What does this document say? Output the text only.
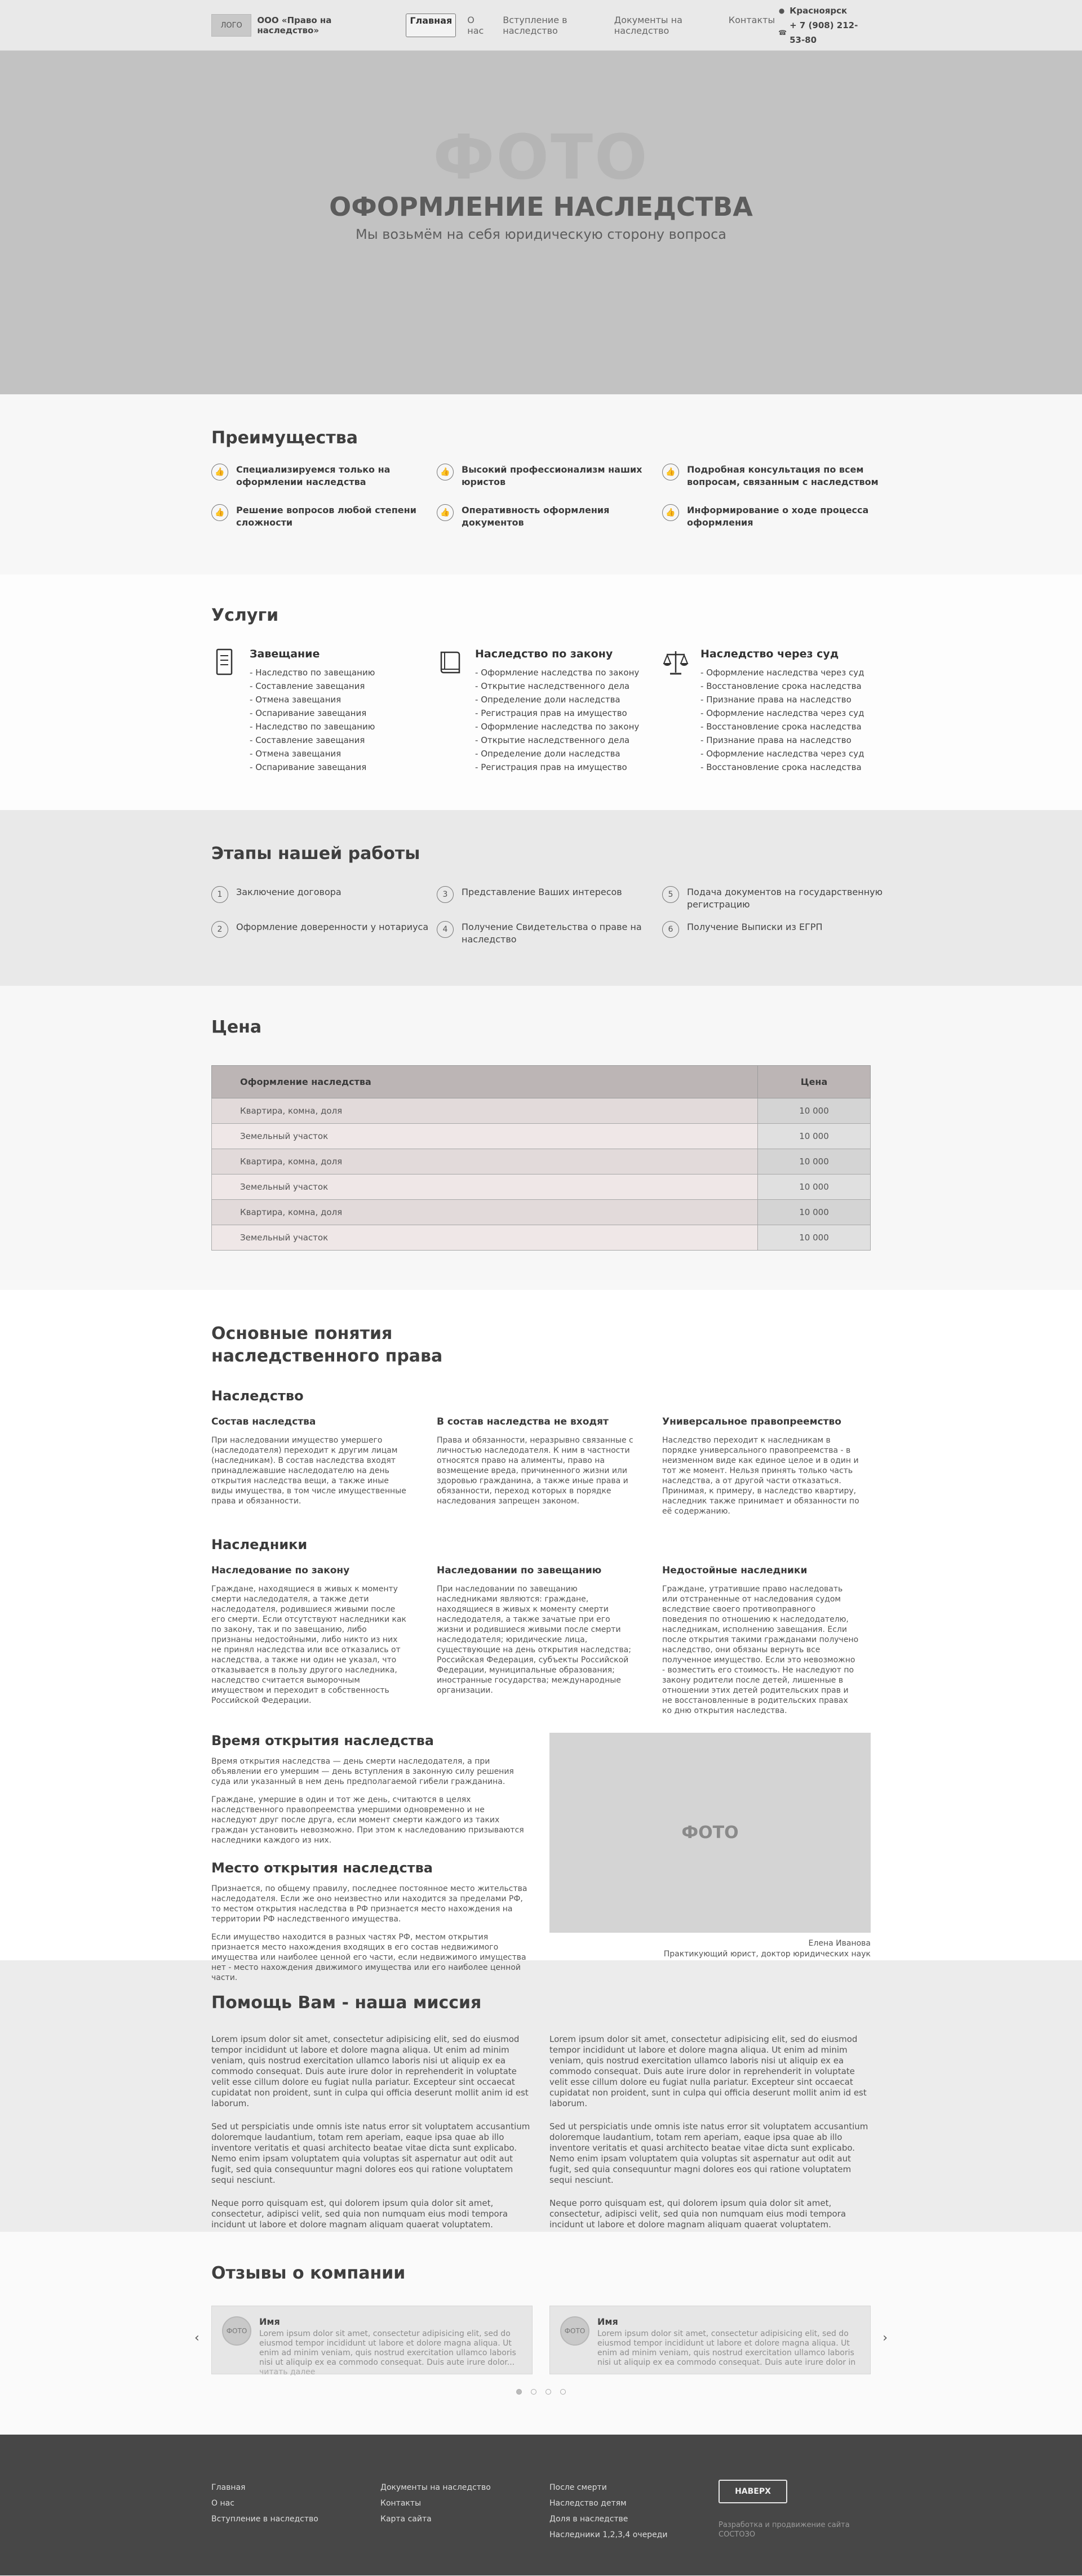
ЛОГО	ООО «Право на наследство»
Главная	О нас
Вступление в наследство
Документы на наследство
Контакты
● Красноярск
☎
+ 7 (908) 212-53-80
ФОТО
ОФОРМЛЕНИЕ НАСЛЕДСТВА

Мы возьмём на себя юридическую сторону вопроса

Преимущества
👍	Специализируемся только на оформлении наследства
👍	Высокий профессионализм наших юристов
👍	Подробная консультация по всем вопросам, связанным с наследством
👍	Решение вопросов любой степени сложности
👍	Оперативность оформления документов
👍	Информирование о ходе процесса оформления
Услуги
Завещание
- Наследство по завещанию
- Составление завещания
- Отмена завещания
- Оспаривание завещания
- Наследство по завещанию
- Составление завещания
- Отмена завещания
- Оспаривание завещания
Наследство по закону
- Оформление наследства по закону
- Открытие наследственного дела
- Определение доли наследства
- Регистрация прав на имущество
- Оформление наследства по закону
- Открытие наследственного дела
- Определение доли наследства
- Регистрация прав на имущество
Наследство через суд
- Оформление наследства через суд
- Восстановление срока наследства
- Признание права на наследство
- Оформление наследства через суд
- Восстановление срока наследства
- Признание права на наследство
- Оформление наследства через суд
- Восстановление срока наследства
Этапы нашей работы
1	Заключение договора
2	Оформление доверенности у нотариуса
3	Представление Ваших интересов
4	Получение Свидетельства о праве на наследство
5	Подача документов на государственную регистрацию
6	Получение Выписки из ЕГРП
Цена
Оформление наследства	Цена
Квартира, комна, доля	10 000
Земельный участок	10 000
Квартира, комна, доля	10 000
Земельный участок	10 000
Квартира, комна, доля	10 000
Земельный участок	10 000
Основные понятия
наследственного права
Наследство
Состав наследства

При наследовании имущество умершего (наследодателя) переходит к другим лицам (наследникам). В состав наследства входят принадлежавшие наследодателю на день открытия наследства вещи, а также иные виды имущества, в том числе имущественные права и обязанности.

В состав наследства не входят

Права и обязанности, неразрывно связанные с личностью наследодателя. К ним в частности относятся право на алименты, право на возмещение вреда, причиненного жизни или здоровью гражданина, а также иные права и обязанности, переход которых в порядке наследования запрещен законом.

Универсальное правопреемство

Наследство переходит к наследникам в порядке универсального правопреемства - в неизменном виде как единое целое и в один и тот же момент. Нельзя принять только часть наследства, а от другой части отказаться. Принимая, к примеру, в наследство квартиру, наследник также принимает и обязанности по её содержанию.

Наследники
Наследование по закону

Граждане, находящиеся в живых к моменту смерти наследодателя, а также дети наследодателя, родившиеся живыми после его смерти. Если отсутствуют наследники как по закону, так и по завещанию, либо признаны недостойными, либо никто из них не принял наследства или все отказались от наследства, а также ни один не указал, что отказывается в пользу другого наследника, наследство считается выморочным имуществом и переходит в собственность Российской Федерации.

Наследовании по завещанию

При наследовании по завещанию наследниками являются: граждане, находящиеся в живых к моменту смерти наследодателя, а также зачатые при его жизни и родившиеся живыми после смерти наследодателя; юридические лица, существующие на день открытия наследства; Российская Федерация, субъекты Российской Федерации, муниципальные образования; иностранные государства; международные организации.

Недостойные наследники

Граждане, утратившие право наследовать или отстраненные от наследования судом вследствие своего противоправного поведения по отношению к наследодателю, наследникам, исполнению завещания. Если после открытия такими гражданами получено наследство, они обязаны вернуть все полученное имущество. Если это невозможно - возместить его стоимость. Не наследуют по закону родители после детей, лишенные в отношении этих детей родительских прав и не восстановленные в родительских правах ко дню открытия наследства.

Время открытия наследства

Время открытия наследства — день смерти наследодателя, а при объявлении его умершим — день вступления в законную силу решения суда или указанный в нем день предполагаемой гибели гражданина.

Граждане, умершие в один и тот же день, считаются в целях наследственного правопреемства умершими одновременно и не наследуют друг после друга, если момент смерти каждого из таких граждан установить невозможно. При этом к наследованию призываются наследники каждого из них.

Место открытия наследства

Признается, по общему правилу, последнее постоянное место жительства наследодателя. Если же оно неизвестно или находится за пределами РФ, то местом открытия наследства в РФ признается место нахождения на территории РФ наследственного имущества.

Если имущество находится в разных частях РФ, местом открытия признается место нахождения входящих в его состав недвижимого имущества или наиболее ценной его части, если недвижимого имущества нет - место нахождения движимого имущества или его наиболее ценной части.

ФОТО
Елена Иванова
Практикующий юрист, доктор юридических наук
Помощь Вам - наша миссия

Lorem ipsum dolor sit amet, consectetur adipisicing elit, sed do eiusmod tempor incididunt ut labore et dolore magna aliqua. Ut enim ad minim veniam, quis nostrud exercitation ullamco laboris nisi ut aliquip ex ea commodo consequat. Duis aute irure dolor in reprehenderit in voluptate velit esse cillum dolore eu fugiat nulla pariatur. Excepteur sint occaecat cupidatat non proident, sunt in culpa qui officia deserunt mollit anim id est laborum.

Sed ut perspiciatis unde omnis iste natus error sit voluptatem accusantium doloremque laudantium, totam rem aperiam, eaque ipsa quae ab illo inventore veritatis et quasi architecto beatae vitae dicta sunt explicabo. Nemo enim ipsam voluptatem quia voluptas sit aspernatur aut odit aut fugit, sed quia consequuntur magni dolores eos qui ratione voluptatem sequi nesciunt.

Neque porro quisquam est, qui dolorem ipsum quia dolor sit amet, consectetur, adipisci velit, sed quia non numquam eius modi tempora incidunt ut labore et dolore magnam aliquam quaerat voluptatem.

Lorem ipsum dolor sit amet, consectetur adipisicing elit, sed do eiusmod tempor incididunt ut labore et dolore magna aliqua. Ut enim ad minim veniam, quis nostrud exercitation ullamco laboris nisi ut aliquip ex ea commodo consequat. Duis aute irure dolor in reprehenderit in voluptate velit esse cillum dolore eu fugiat nulla pariatur. Excepteur sint occaecat cupidatat non proident, sunt in culpa qui officia deserunt mollit anim id est laborum.

Sed ut perspiciatis unde omnis iste natus error sit voluptatem accusantium doloremque laudantium, totam rem aperiam, eaque ipsa quae ab illo inventore veritatis et quasi architecto beatae vitae dicta sunt explicabo. Nemo enim ipsam voluptatem quia voluptas sit aspernatur aut odit aut fugit, sed quia consequuntur magni dolores eos qui ratione voluptatem sequi nesciunt.

Neque porro quisquam est, qui dolorem ipsum quia dolor sit amet, consectetur, adipisci velit, sed quia non numquam eius modi tempora incidunt ut labore et dolore magnam aliquam quaerat voluptatem.

Отзывы о компании
‹	ФОТО
Имя

Lorem ipsum dolor sit amet, consectetur adipisicing elit, sed do eiusmod tempor incididunt ut labore et dolore magna aliqua. Ut enim ad minim veniam, quis nostrud exercitation ullamco laboris nisi ut aliquip ex ea commodo consequat. Duis aute irure dolor... читать далее

ФОТО
Имя

Lorem ipsum dolor sit amet, consectetur adipisicing elit, sed do eiusmod tempor incididunt ut labore et dolore magna aliqua. Ut enim ad minim veniam, quis nostrud exercitation ullamco laboris nisi ut aliquip ex ea commodo consequat. Duis aute irure dolor in

›
Главная
О нас
Вступление в наследство
Документы на наследство
Контакты
Карта сайта
После смерти
Наследство детям
Доля в наследстве
Наследники 1,2,3,4 очереди
НАВЕРХ
Разработка и продвижение сайта
СОСТОЗО
